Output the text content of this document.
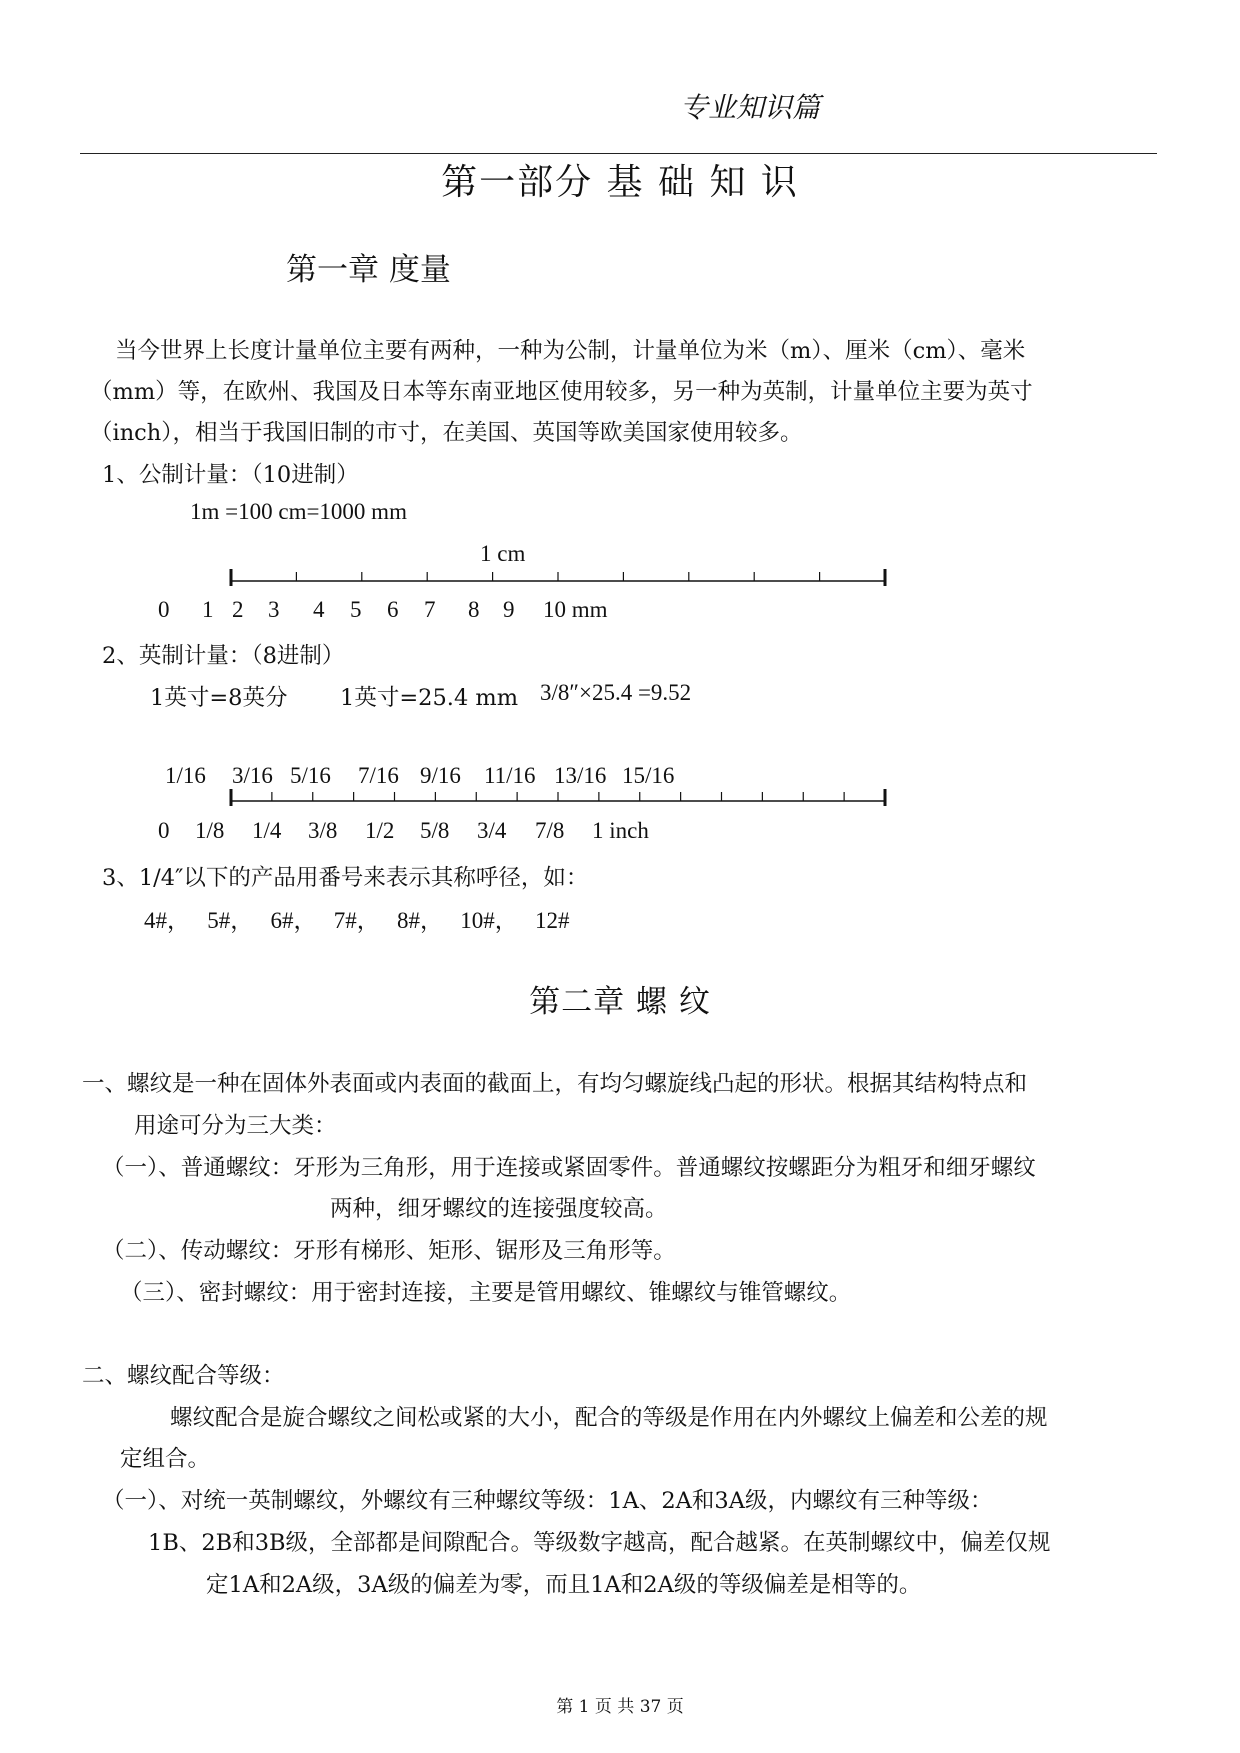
专业知识篇
第一部分 基 础 知 识
第一章 度量
当今世界上长度计量单位主要有两种，一种为公制，计量单位为米（m）、厘米（cm）、毫米
（mm）等，在欧州、我国及日本等东南亚地区使用较多，另一种为英制，计量单位主要为英寸
（inch），相当于我国旧制的市寸，在美国、英国等欧美国家使用较多。
1、公制计量：（10进制）
1m =100 cm=1000 mm
1 cm
0 1 2 3 4 5 6 7 8 9 10 mm
2、英制计量：（8进制）
1英寸=8英分 1英寸=25.4 mm 3/8″×25.4 =9.52
1/16 3/16 5/16 7/16 9/16 11/16 13/16 15/16
0 1/8 1/4 3/8 1/2 5/8 3/4 7/8 1 inch
3、1/4″以下的产品用番号来表示其称呼径，如：
4#，   5#，   6#，   7#，   8#，   10#，   12#
第二章 螺 纹
一、螺纹是一种在固体外表面或内表面的截面上，有均匀螺旋线凸起的形状。根据其结构特点和
用途可分为三大类：
（一）、普通螺纹：牙形为三角形，用于连接或紧固零件。普通螺纹按螺距分为粗牙和细牙螺纹
两种，细牙螺纹的连接强度较高。
（二）、传动螺纹：牙形有梯形、矩形、锯形及三角形等。
（三）、密封螺纹：用于密封连接，主要是管用螺纹、锥螺纹与锥管螺纹。
二、螺纹配合等级：
螺纹配合是旋合螺纹之间松或紧的大小，配合的等级是作用在内外螺纹上偏差和公差的规
定组合。
（一）、对统一英制螺纹，外螺纹有三种螺纹等级：1A、2A和3A级，内螺纹有三种等级：
1B、2B和3B级，全部都是间隙配合。等级数字越高，配合越紧。在英制螺纹中，偏差仅规
定1A和2A级，3A级的偏差为零，而且1A和2A级的等级偏差是相等的。
第 1 页 共 37 页
